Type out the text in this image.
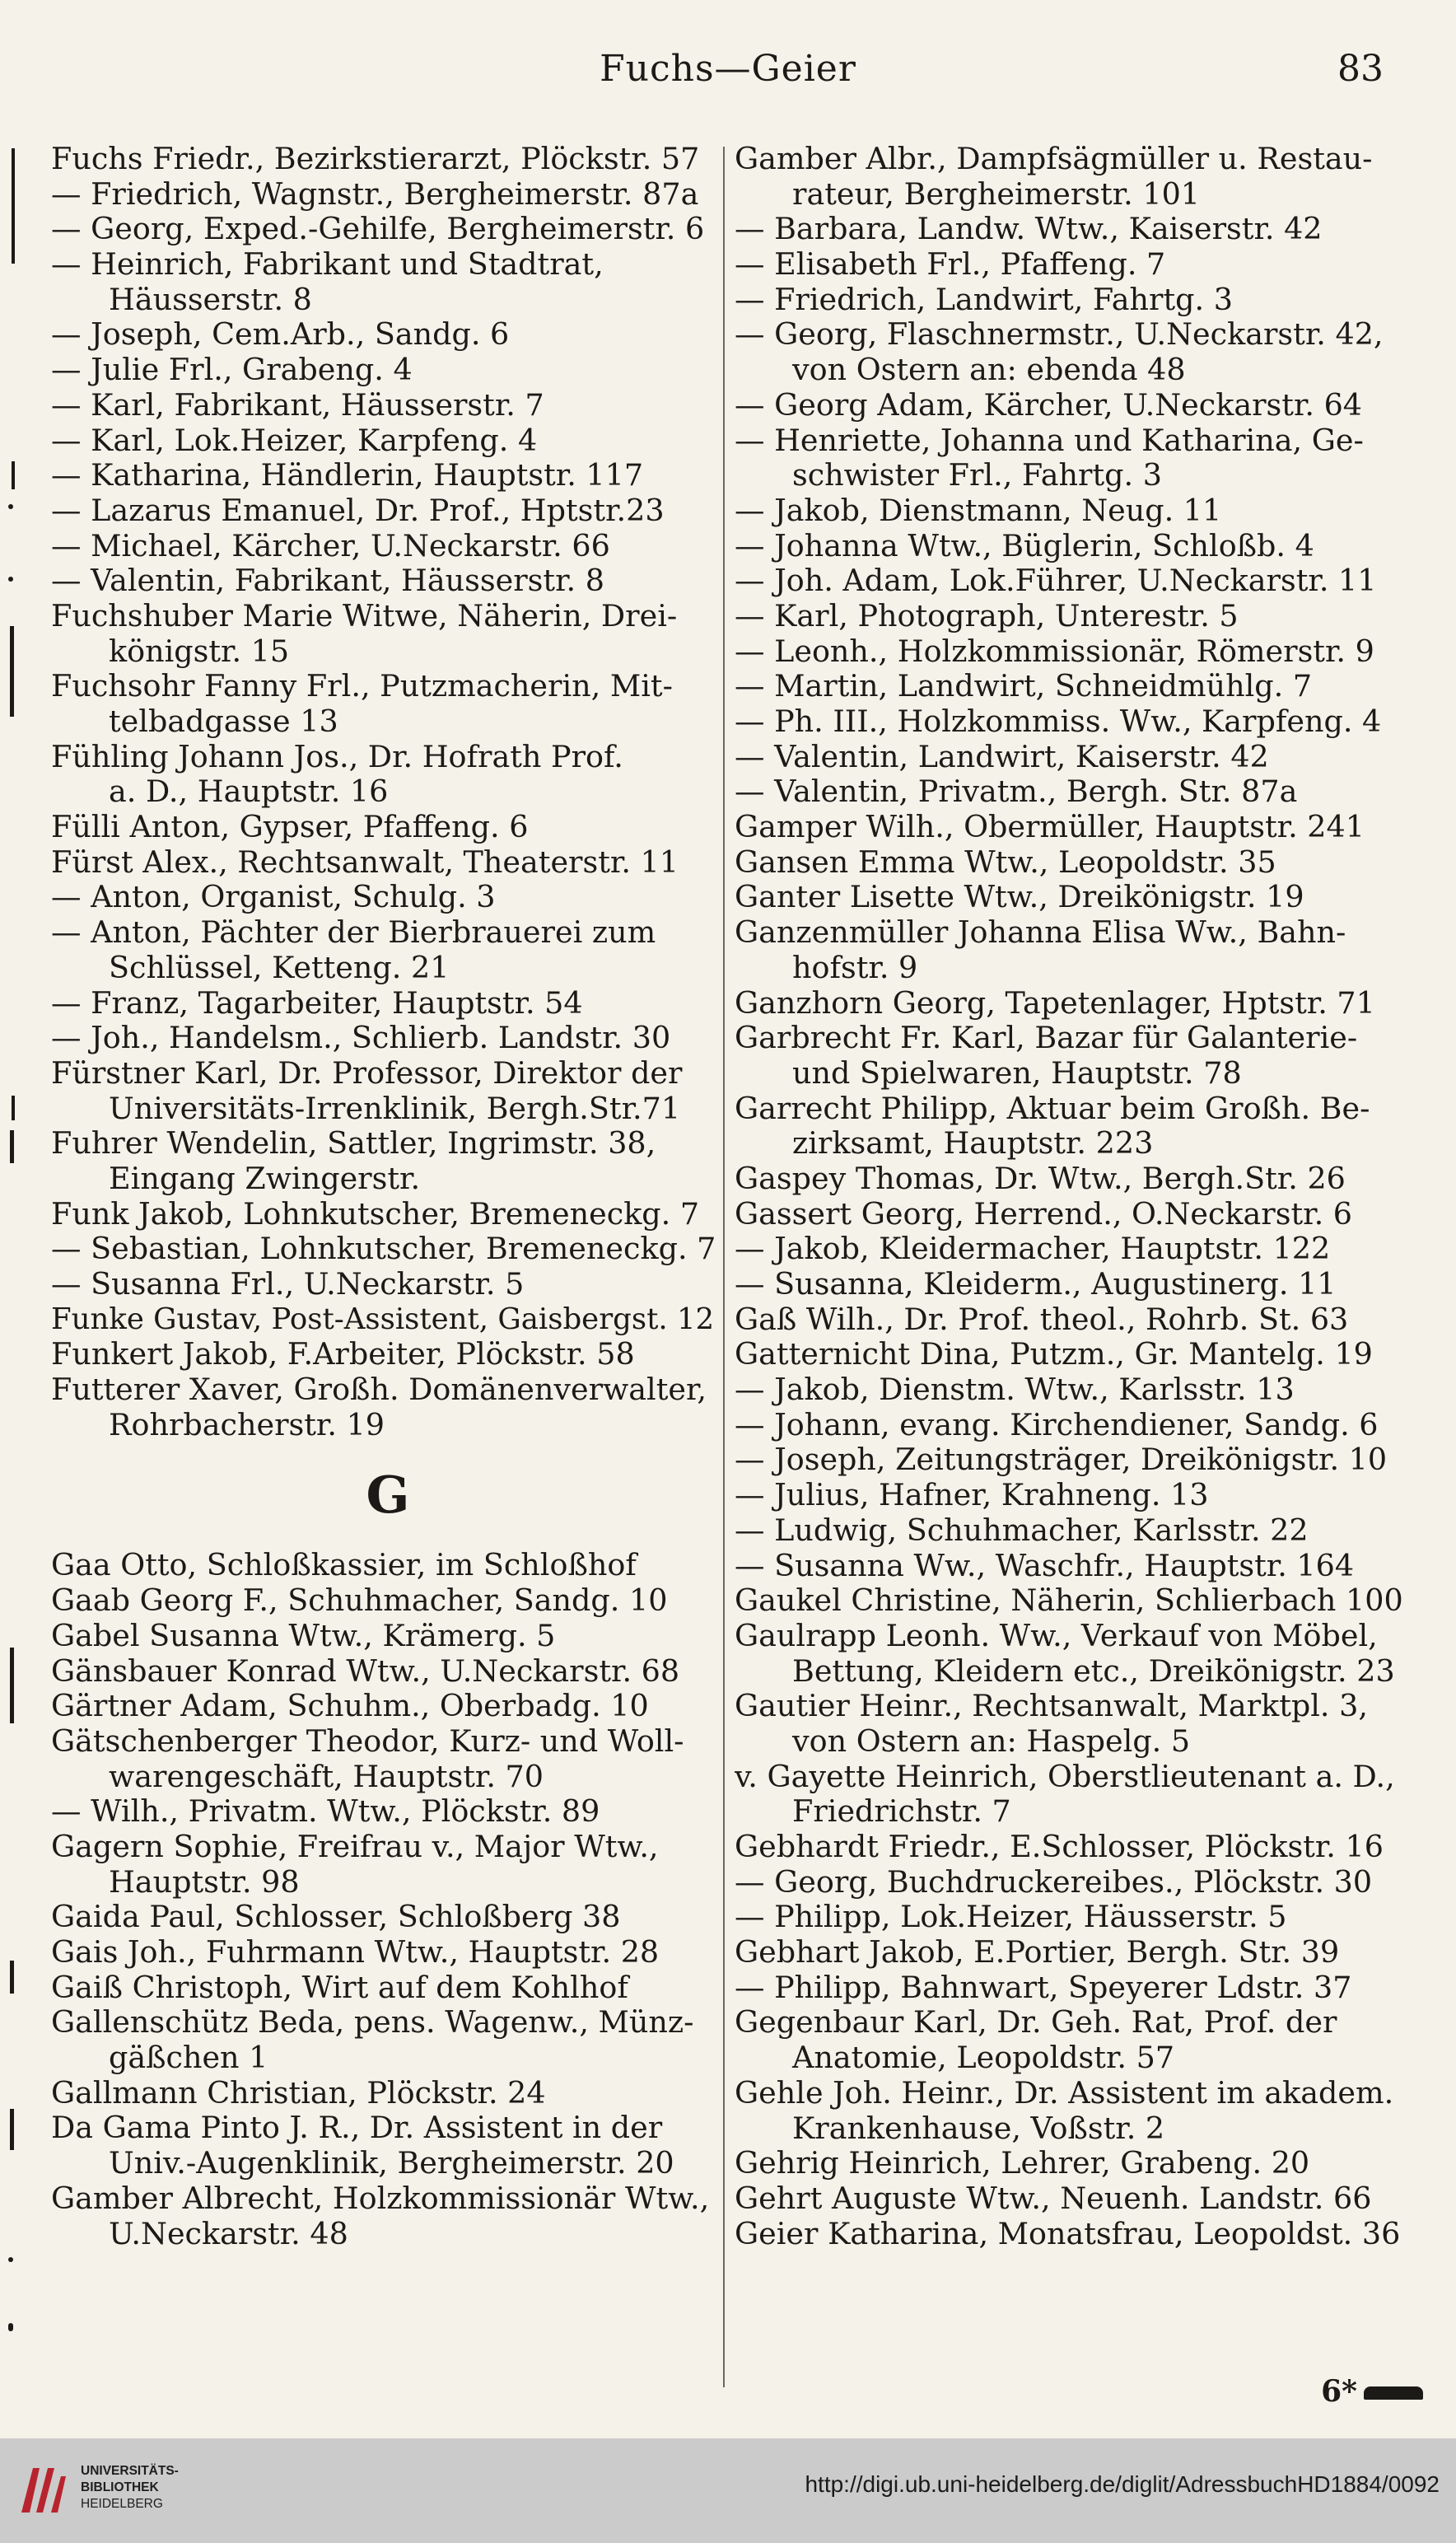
Fuchs—Geier	83
Fuchs Friedr., Bezirkstierarzt, Plöckstr. 57
— Friedrich, Wagnstr., Bergheimerstr. 87a
— Georg, Exped.-Gehilfe, Bergheimerstr. 6
— Heinrich, Fabrikant und Stadtrat,
Häusserstr. 8
— Joseph, Cem.Arb., Sandg. 6
— Julie Frl., Grabeng. 4
— Karl, Fabrikant, Häusserstr. 7
— Karl, Lok.Heizer, Karpfeng. 4
— Katharina, Händlerin, Hauptstr. 117
— Lazarus Emanuel, Dr. Prof., Hptstr.23
— Michael, Kärcher, U.Neckarstr. 66
— Valentin, Fabrikant, Häusserstr. 8
Fuchshuber Marie Witwe, Näherin, Drei-
königstr. 15
Fuchsohr Fanny Frl., Putzmacherin, Mit-
telbadgasse 13
Fühling Johann Jos., Dr. Hofrath Prof.
a. D., Hauptstr. 16
Fülli Anton, Gypser, Pfaffeng. 6
Fürst Alex., Rechtsanwalt, Theaterstr. 11
— Anton, Organist, Schulg. 3
— Anton, Pächter der Bierbrauerei zum
Schlüssel, Ketteng. 21
— Franz, Tagarbeiter, Hauptstr. 54
— Joh., Handelsm., Schlierb. Landstr. 30
Fürstner Karl, Dr. Professor, Direktor der
Universitäts-Irrenklinik, Bergh.Str.71
Fuhrer Wendelin, Sattler, Ingrimstr. 38,
Eingang Zwingerstr.
Funk Jakob, Lohnkutscher, Bremeneckg. 7
— Sebastian, Lohnkutscher, Bremeneckg. 7
— Susanna Frl., U.Neckarstr. 5
Funke Gustav, Post-Assistent, Gaisbergst. 12
Funkert Jakob, F.Arbeiter, Plöckstr. 58
Futterer Xaver, Großh. Domänenverwalter,
Rohrbacherstr. 19
G
Gaa Otto, Schloßkassier, im Schloßhof
Gaab Georg F., Schuhmacher, Sandg. 10
Gabel Susanna Wtw., Krämerg. 5
Gänsbauer Konrad Wtw., U.Neckarstr. 68
Gärtner Adam, Schuhm., Oberbadg. 10
Gätschenberger Theodor, Kurz- und Woll-
warengeschäft, Hauptstr. 70
— Wilh., Privatm. Wtw., Plöckstr. 89
Gagern Sophie, Freifrau v., Major Wtw.,
Hauptstr. 98
Gaida Paul, Schlosser, Schloßberg 38
Gais Joh., Fuhrmann Wtw., Hauptstr. 28
Gaiß Christoph, Wirt auf dem Kohlhof
Gallenschütz Beda, pens. Wagenw., Münz-
gäßchen 1
Gallmann Christian, Plöckstr. 24
Da Gama Pinto J. R., Dr. Assistent in der
Univ.-Augenklinik, Bergheimerstr. 20
Gamber Albrecht, Holzkommissionär Wtw.,
U.Neckarstr. 48
Gamber Albr., Dampfsägmüller u. Restau-
rateur, Bergheimerstr. 101
— Barbara, Landw. Wtw., Kaiserstr. 42
— Elisabeth Frl., Pfaffeng. 7
— Friedrich, Landwirt, Fahrtg. 3
— Georg, Flaschnermstr., U.Neckarstr. 42,
von Ostern an: ebenda 48
— Georg Adam, Kärcher, U.Neckarstr. 64
— Henriette, Johanna und Katharina, Ge-
schwister Frl., Fahrtg. 3
— Jakob, Dienstmann, Neug. 11
— Johanna Wtw., Büglerin, Schloßb. 4
— Joh. Adam, Lok.Führer, U.Neckarstr. 11
— Karl, Photograph, Unterestr. 5
— Leonh., Holzkommissionär, Römerstr. 9
— Martin, Landwirt, Schneidmühlg. 7
— Ph. III., Holzkommiss. Ww., Karpfeng. 4
— Valentin, Landwirt, Kaiserstr. 42
— Valentin, Privatm., Bergh. Str. 87a
Gamper Wilh., Obermüller, Hauptstr. 241
Gansen Emma Wtw., Leopoldstr. 35
Ganter Lisette Wtw., Dreikönigstr. 19
Ganzenmüller Johanna Elisa Ww., Bahn-
hofstr. 9
Ganzhorn Georg, Tapetenlager, Hptstr. 71
Garbrecht Fr. Karl, Bazar für Galanterie-
und Spielwaren, Hauptstr. 78
Garrecht Philipp, Aktuar beim Großh. Be-
zirksamt, Hauptstr. 223
Gaspey Thomas, Dr. Wtw., Bergh.Str. 26
Gassert Georg, Herrend., O.Neckarstr. 6
— Jakob, Kleidermacher, Hauptstr. 122
— Susanna, Kleiderm., Augustinerg. 11
Gaß Wilh., Dr. Prof. theol., Rohrb. St. 63
Gatternicht Dina, Putzm., Gr. Mantelg. 19
— Jakob, Dienstm. Wtw., Karlsstr. 13
— Johann, evang. Kirchendiener, Sandg. 6
— Joseph, Zeitungsträger, Dreikönigstr. 10
— Julius, Hafner, Krahneng. 13
— Ludwig, Schuhmacher, Karlsstr. 22
— Susanna Ww., Waschfr., Hauptstr. 164
Gaukel Christine, Näherin, Schlierbach 100
Gaulrapp Leonh. Ww., Verkauf von Möbel,
Bettung, Kleidern etc., Dreikönigstr. 23
Gautier Heinr., Rechtsanwalt, Marktpl. 3,
von Ostern an: Haspelg. 5
v. Gayette Heinrich, Oberstlieutenant a. D.,
Friedrichstr. 7
Gebhardt Friedr., E.Schlosser, Plöckstr. 16
— Georg, Buchdruckereibes., Plöckstr. 30
— Philipp, Lok.Heizer, Häusserstr. 5
Gebhart Jakob, E.Portier, Bergh. Str. 39
— Philipp, Bahnwart, Speyerer Ldstr. 37
Gegenbaur Karl, Dr. Geh. Rat, Prof. der
Anatomie, Leopoldstr. 57
Gehle Joh. Heinr., Dr. Assistent im akadem.
Krankenhause, Voßstr. 2
Gehrig Heinrich, Lehrer, Grabeng. 20
Gehrt Auguste Wtw., Neuenh. Landstr. 66
Geier Katharina, Monatsfrau, Leopoldst. 36
6*
UNIVERSITÄTS-
BIBLIOTHEK
HEIDELBERG
http://digi.ub.uni-heidelberg.de/diglit/AdressbuchHD1884/0092
